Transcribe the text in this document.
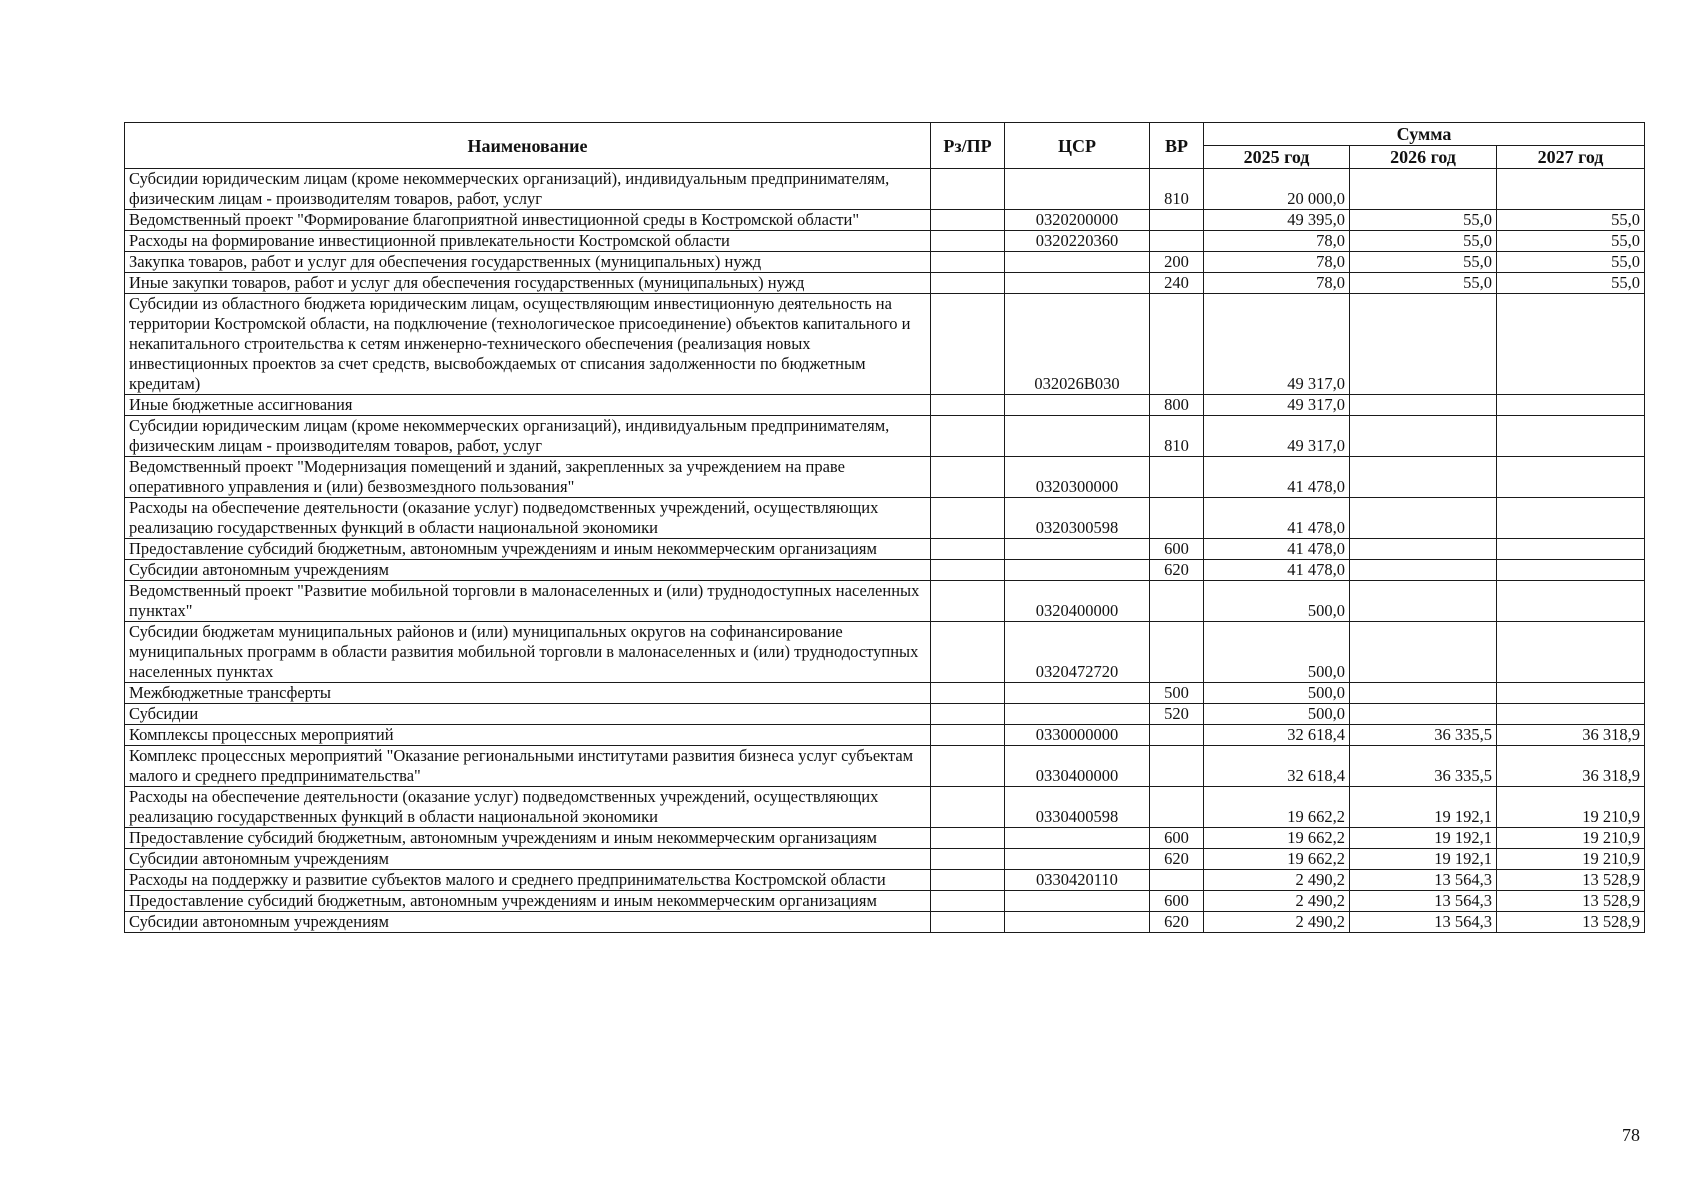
Наименование	Рз/ПР	ЦСР	ВР	Сумма		
				2025 год	2026 год	2027 год
Субсидии юридическим лицам (кроме некоммерческих организаций), индивидуальным предпринимателям, физическим лицам - производителям товаров, работ, услуг			810	20 000,0		
Ведомственный проект "Формирование благоприятной инвестиционной среды в Костромской области"		0320200000		49 395,0	55,0	55,0
Расходы на формирование инвестиционной привлекательности Костромской области		0320220360		78,0	55,0	55,0
Закупка товаров, работ и услуг для обеспечения государственных (муниципальных) нужд			200	78,0	55,0	55,0
Иные закупки товаров, работ и услуг для обеспечения государственных (муниципальных) нужд			240	78,0	55,0	55,0
Субсидии из областного бюджета юридическим лицам, осуществляющим инвестиционную деятельность на территории Костромской области, на подключение (технологическое присоединение) объектов капитального и некапитального строительства к сетям инженерно-технического обеспечения (реализация новых инвестиционных проектов за счет средств, высвобождаемых от списания задолженности по бюджетным кредитам)		032026B030		49 317,0		
Иные бюджетные ассигнования			800	49 317,0		
Субсидии юридическим лицам (кроме некоммерческих организаций), индивидуальным предпринимателям, физическим лицам - производителям товаров, работ, услуг			810	49 317,0		
Ведомственный проект "Модернизация помещений и зданий, закрепленных за учреждением на праве оперативного управления и (или) безвозмездного пользования"		0320300000		41 478,0		
Расходы на обеспечение деятельности (оказание услуг) подведомственных учреждений, осуществляющих реализацию государственных функций в области национальной экономики		0320300598		41 478,0		
Предоставление субсидий бюджетным, автономным учреждениям и иным некоммерческим организациям			600	41 478,0		
Субсидии автономным учреждениям			620	41 478,0		
Ведомственный проект "Развитие мобильной торговли в малонаселенных и (или) труднодоступных населенных пунктах"		0320400000		500,0		
Субсидии бюджетам муниципальных районов и (или) муниципальных округов на софинансирование муниципальных программ в области развития мобильной торговли в малонаселенных и (или) труднодоступных населенных пунктах		0320472720		500,0		
Межбюджетные трансферты			500	500,0		
Субсидии			520	500,0		
Комплексы процессных мероприятий		0330000000		32 618,4	36 335,5	36 318,9
Комплекс процессных мероприятий "Оказание региональными институтами развития бизнеса услуг субъектам малого и среднего предпринимательства"		0330400000		32 618,4	36 335,5	36 318,9
Расходы на обеспечение деятельности (оказание услуг) подведомственных учреждений, осуществляющих реализацию государственных функций в области национальной экономики		0330400598		19 662,2	19 192,1	19 210,9
Предоставление субсидий бюджетным, автономным учреждениям и иным некоммерческим организациям			600	19 662,2	19 192,1	19 210,9
Субсидии автономным учреждениям			620	19 662,2	19 192,1	19 210,9
Расходы на поддержку и развитие субъектов малого и среднего предпринимательства Костромской области		0330420110		2 490,2	13 564,3	13 528,9
Предоставление субсидий бюджетным, автономным учреждениям и иным некоммерческим организациям			600	2 490,2	13 564,3	13 528,9
Субсидии автономным учреждениям			620	2 490,2	13 564,3	13 528,9
78
